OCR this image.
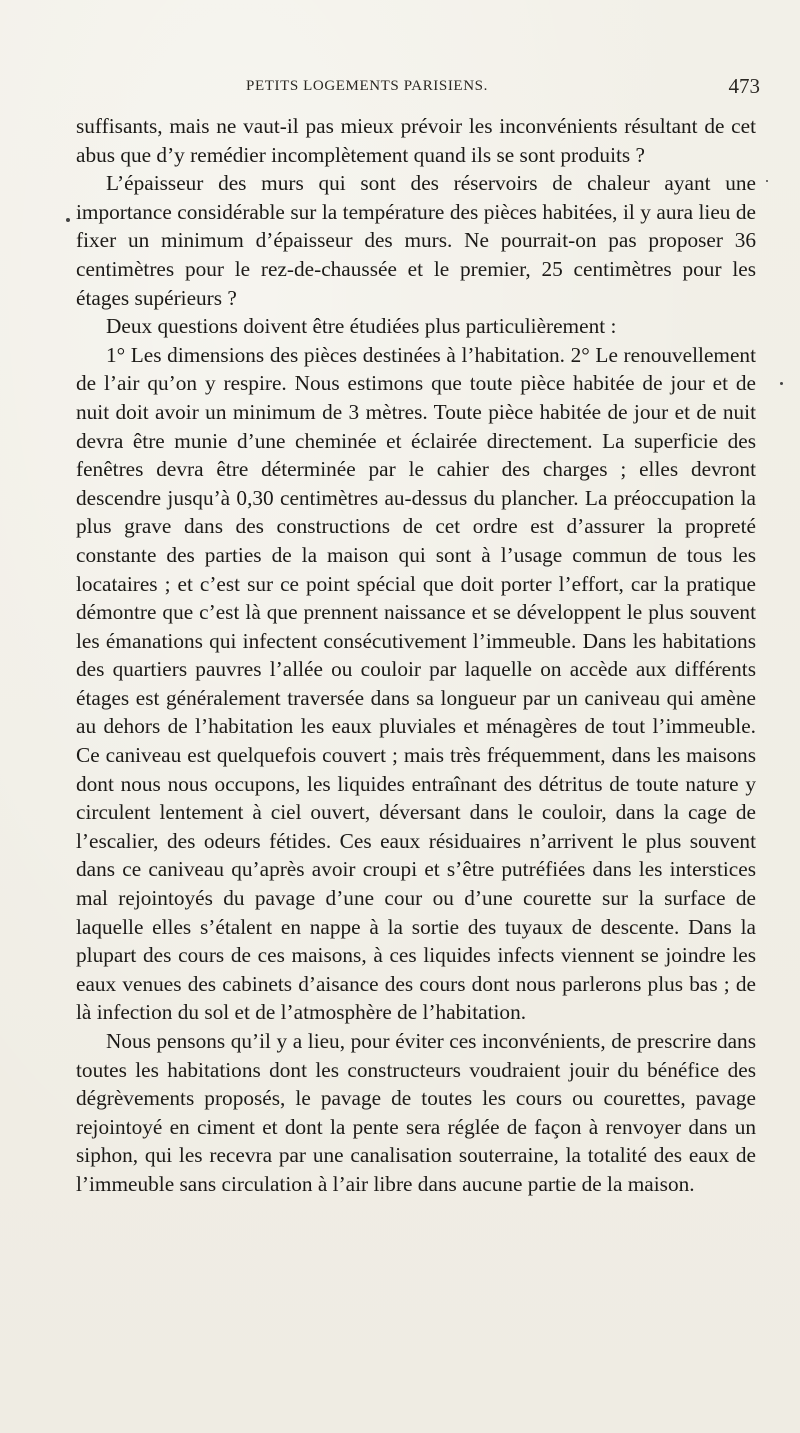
PETITS LOGEMENTS PARISIENS.	473

suffisants, mais ne vaut-il pas mieux prévoir les inconvénients résultant de cet abus que d’y remédier incomplètement quand ils se sont produits ?

L’épaisseur des murs qui sont des réservoirs de chaleur ayant une importance considérable sur la température des pièces habitées, il y aura lieu de fixer un minimum d’épaisseur des murs. Ne pourrait-on pas proposer 36 centimètres pour le rez-de-chaussée et le premier, 25 centimètres pour les étages supérieurs ?

Deux questions doivent être étudiées plus particulièrement :

1° Les dimensions des pièces destinées à l’habitation. 2° Le renouvellement de l’air qu’on y respire. Nous estimons que toute pièce habitée de jour et de nuit doit avoir un minimum de 3 mètres. Toute pièce habitée de jour et de nuit devra être munie d’une cheminée et éclairée directement. La superficie des fenêtres devra être déterminée par le cahier des charges ; elles devront descendre jusqu’à 0,30 centimètres au-dessus du plancher. La préoccupation la plus grave dans des constructions de cet ordre est d’assurer la propreté constante des parties de la maison qui sont à l’usage commun de tous les locataires ; et c’est sur ce point spécial que doit porter l’effort, car la pratique démontre que c’est là que prennent naissance et se développent le plus souvent les émanations qui infectent consécutivement l’immeuble. Dans les habitations des quartiers pauvres l’allée ou couloir par laquelle on accède aux différents étages est généralement traversée dans sa longueur par un caniveau qui amène au dehors de l’habitation les eaux pluviales et ménagères de tout l’immeuble. Ce caniveau est quelquefois couvert ; mais très fréquemment, dans les maisons dont nous nous occupons, les liquides entraînant des détritus de toute nature y circulent lentement à ciel ouvert, déversant dans le couloir, dans la cage de l’escalier, des odeurs fétides. Ces eaux résiduaires n’arrivent le plus souvent dans ce caniveau qu’après avoir croupi et s’être putréfiées dans les interstices mal rejointoyés du pavage d’une cour ou d’une courette sur la surface de laquelle elles s’étalent en nappe à la sortie des tuyaux de descente. Dans la plupart des cours de ces maisons, à ces liquides infects viennent se joindre les eaux venues des cabinets d’aisance des cours dont nous parlerons plus bas ; de là infection du sol et de l’atmosphère de l’habitation.

Nous pensons qu’il y a lieu, pour éviter ces inconvénients, de prescrire dans toutes les habitations dont les constructeurs voudraient jouir du bénéfice des dégrèvements proposés, le pavage de toutes les cours ou courettes, pavage rejointoyé en ciment et dont la pente sera réglée de façon à renvoyer dans un siphon, qui les recevra par une canalisation souterraine, la totalité des eaux de l’immeuble sans circulation à l’air libre dans aucune partie de la maison.
